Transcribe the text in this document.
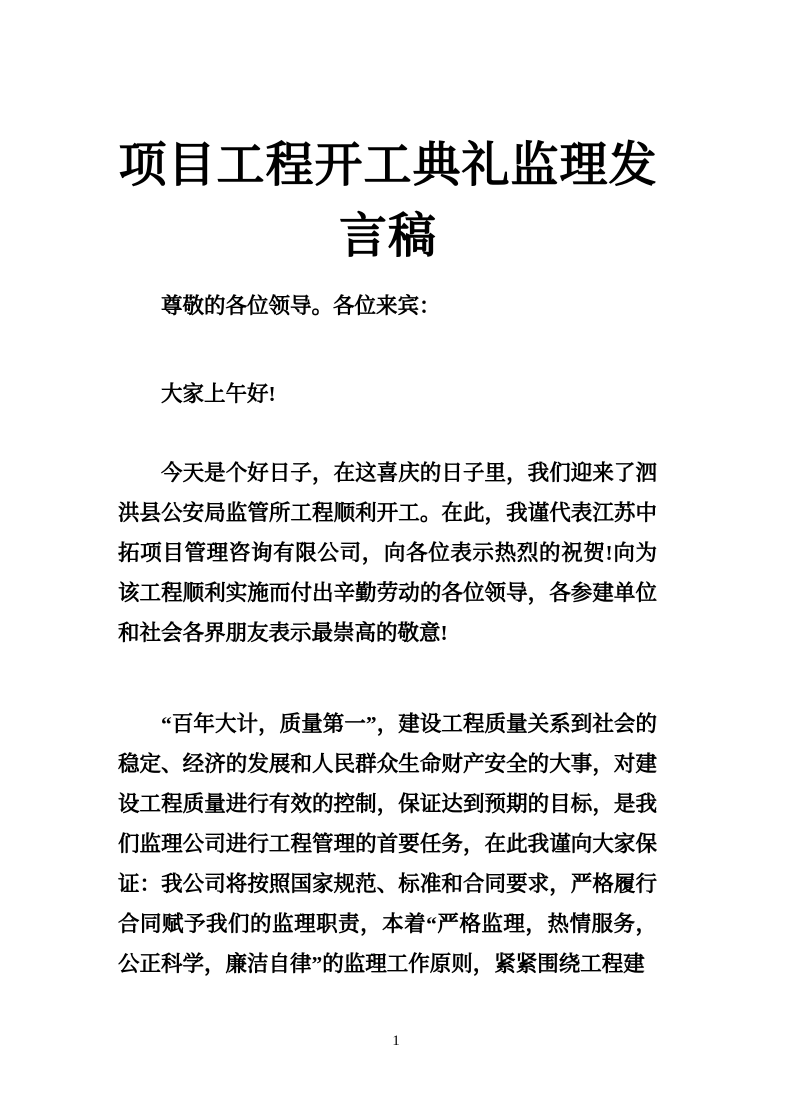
项目工程开工典礼监理发言稿

尊敬的各位领导。各位来宾：

大家上午好!

今天是个好日子，在这喜庆的日子里，我们迎来了泗洪县公安局监管所工程顺利开工。在此，我谨代表江苏中拓项目管理咨询有限公司，向各位表示热烈的祝贺!向为该工程顺利实施而付出辛勤劳动的各位领导，各参建单位和社会各界朋友表示最崇高的敬意!

“百年大计，质量第一”，建设工程质量关系到社会的稳定、经济的发展和人民群众生命财产安全的大事，对建设工程质量进行有效的控制，保证达到预期的目标，是我们监理公司进行工程管理的首要任务，在此我谨向大家保证：我公司将按照国家规范、标准和合同要求，严格履行合同赋予我们的监理职责，本着“严格监理，热情服务，公正科学，廉洁自律”的监理工作原则，紧紧围绕工程建

1
